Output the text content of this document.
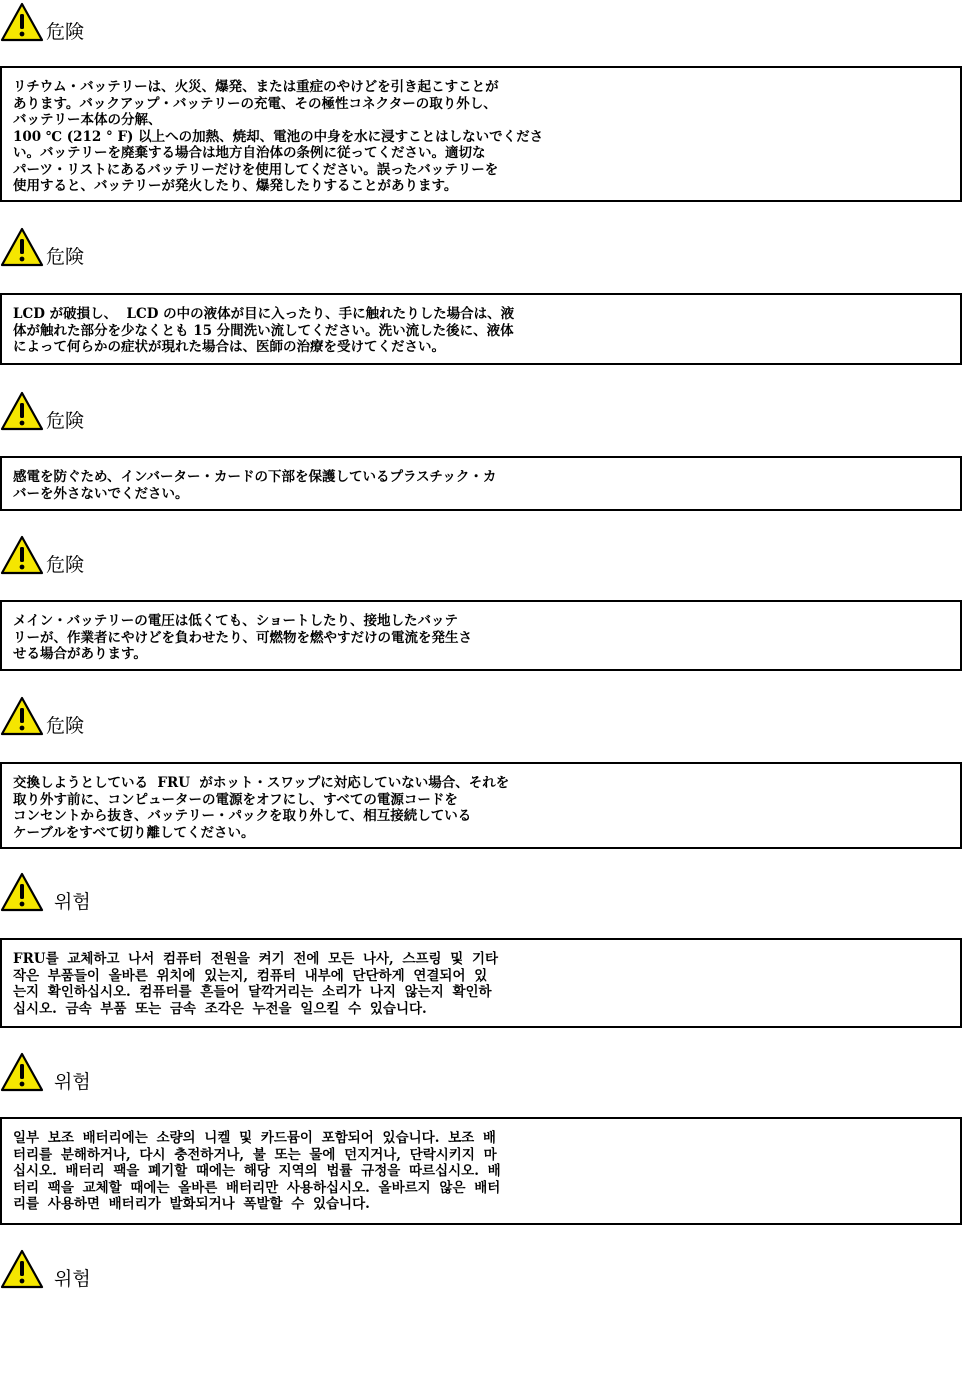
危険
リチウム・バッテリーは、火災、爆発、または重症のやけどを引き起こすことが
あります。バックアップ・バッテリーの充電、その極性コネクターの取り外し、
バッテリー本体の分解、
100 ℃ (212 ° F) 以上への加熱、焼却、電池の中身を水に浸すことはしないでくださ
い。バッテリーを廃棄する場合は地方自治体の条例に従ってください。適切な
パーツ・リストにあるバッテリーだけを使用してください。誤ったバッテリーを
使用すると、バッテリーが発火したり、爆発したりすることがあります。
危険
LCD が破損し、  LCD の中の液体が目に入ったり、手に触れたりした場合は、液
体が触れた部分を少なくとも 15 分間洗い流してください。洗い流した後に、液体
によって何らかの症状が現れた場合は、医師の治療を受けてください。
危険
感電を防ぐため、インバーター・カードの下部を保護しているプラスチック・カ
バーを外さないでください。
危険
メイン・バッテリーの電圧は低くても、ショートしたり、接地したバッテ
リーが、作業者にやけどを負わせたり、可燃物を燃やすだけの電流を発生さ
せる場合があります。
危険
交換しようとしている  FRU  がホット・スワップに対応していない場合、それを
取り外す前に、コンピューターの電源をオフにし、すべての電源コードを
コンセントから抜き、バッテリー・パックを取り外して、相互接続している
ケーブルをすべて切り離してください。
위험
FRU를 교체하고 나서 컴퓨터 전원을 켜기 전에 모든 나사, 스프링 및 기타
작은 부품들이 올바른 위치에 있는지, 컴퓨터 내부에 단단하게 연결되어 있
는지 확인하십시오. 컴퓨터를 흔들어 달깍거리는 소리가 나지 않는지 확인하
십시오. 금속 부품 또는 금속 조각은 누전을 일으킬 수 있습니다.
위험
일부 보조 배터리에는 소량의 니켈 및 카드뮴이 포함되어 있습니다. 보조 배
터리를 분해하거나, 다시 충전하거나, 불 또는 물에 던지거나, 단락시키지 마
십시오. 배터리 팩을 폐기할 때에는 해당 지역의 법률 규정을 따르십시오. 배
터리 팩을 교체할 때에는 올바른 배터리만 사용하십시오. 올바르지 않은 배터
리를 사용하면 배터리가 발화되거나 폭발할 수 있습니다.
위험
